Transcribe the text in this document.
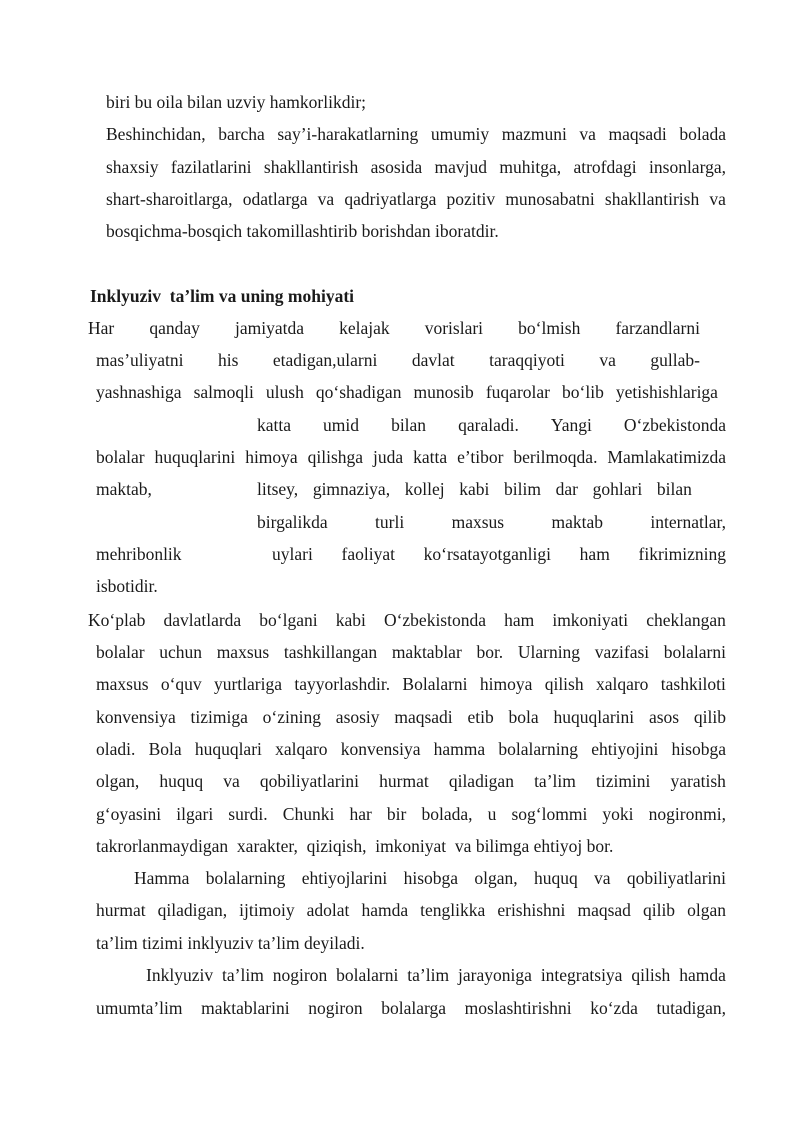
biri bu oila bilan uzviy hamkorlikdir;
Beshinchidan, barcha say’i-harakatlarning umumiy mazmuni va maqsadi bolada
shaxsiy fazilatlarini shakllantirish asosida mavjud muhitga, atrofdagi insonlarga,
shart-sharoitlarga, odatlarga va qadriyatlarga pozitiv munosabatni shakllantirish va
bosqichma-bosqich takomillashtirib borishdan iboratdir.
Inklyuziv  ta’lim va uning mohiyati
Har qanday jamiyatda kelajak vorislari bo‘lmish farzandlarni
mas’uliyatni his etadigan,ularni davlat taraqqiyoti va gullab-
yashnashiga salmoqli ulush qo‘shadigan munosib fuqarolar bo‘lib yetishishlariga
katta umid bilan qaraladi. Yangi O‘zbekistonda
bolalar huquqlarini himoya qilishga juda katta e’tibor berilmoqda. Mamlakatimizda
maktab,	litsey, gimnaziya, kollej kabi bilim dar gohlari bilan
birgalikda	turli	maxsus	maktab	internatlar,
mehribonlik	uylari faoliyat ko‘rsatayotganligi ham fikrimizning
isbotidir.
Ko‘plab davlatlarda bo‘lgani kabi O‘zbekistonda ham imkoniyati cheklangan
bolalar uchun maxsus tashkillangan maktablar bor. Ularning vazifasi bolalarni
maxsus o‘quv yurtlariga tayyorlashdir. Bolalarni himoya qilish xalqaro tashkiloti
konvensiya tizimiga o‘zining asosiy maqsadi etib bola huquqlarini asos qilib
oladi. Bola huquqlari xalqaro konvensiya hamma bolalarning ehtiyojini hisobga
olgan, huquq va qobiliyatlarini hurmat qiladigan ta’lim tizimini yaratish
g‘oyasini ilgari surdi. Chunki har bir bolada, u sog‘lommi yoki nogironmi,
takrorlanmaydigan  xarakter,  qiziqish,  imkoniyat  va bilimga ehtiyoj bor.
Hamma bolalarning ehtiyojlarini hisobga olgan, huquq va qobiliyatlarini
hurmat qiladigan, ijtimoiy adolat hamda tenglikka erishishni maqsad qilib olgan
ta’lim tizimi inklyuziv ta’lim deyiladi.
Inklyuziv ta’lim nogiron bolalarni ta’lim jarayoniga integratsiya qilish hamda
umumta’lim maktablarini nogiron bolalarga moslashtirishni ko‘zda tutadigan,
